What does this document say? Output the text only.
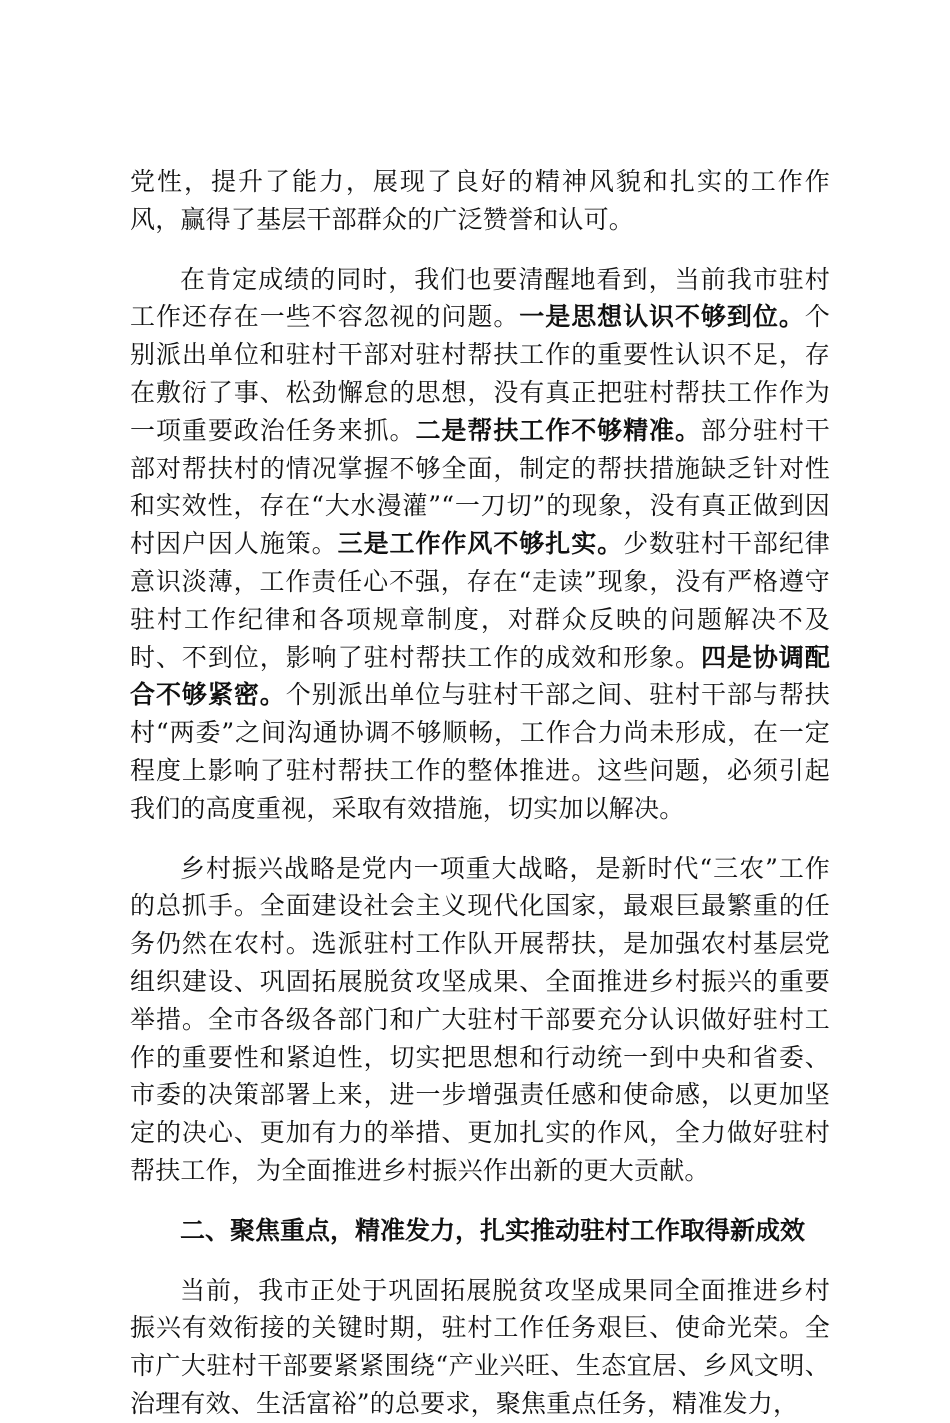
党性，提升了能力，展现了良好的精神风貌和扎实的工作作风，赢得了基层干部群众的广泛赞誉和认可。

在肯定成绩的同时，我们也要清醒地看到，当前我市驻村工作还存在一些不容忽视的问题。一是思想认识不够到位。个别派出单位和驻村干部对驻村帮扶工作的重要性认识不足，存在敷衍了事、松劲懈怠的思想，没有真正把驻村帮扶工作作为一项重要政治任务来抓。二是帮扶工作不够精准。部分驻村干部对帮扶村的情况掌握不够全面，制定的帮扶措施缺乏针对性和实效性，存在“大水漫灌”“一刀切”的现象，没有真正做到因村因户因人施策。三是工作作风不够扎实。少数驻村干部纪律意识淡薄，工作责任心不强，存在“走读”现象，没有严格遵守驻村工作纪律和各项规章制度，对群众反映的问题解决不及时、不到位，影响了驻村帮扶工作的成效和形象。四是协调配合不够紧密。个别派出单位与驻村干部之间、驻村干部与帮扶村“两委”之间沟通协调不够顺畅，工作合力尚未形成，在一定程度上影响了驻村帮扶工作的整体推进。这些问题，必须引起我们的高度重视，采取有效措施，切实加以解决。

乡村振兴战略是党内一项重大战略，是新时代“三农”工作的总抓手。全面建设社会主义现代化国家，最艰巨最繁重的任务仍然在农村。选派驻村工作队开展帮扶，是加强农村基层党组织建设、巩固拓展脱贫攻坚成果、全面推进乡村振兴的重要举措。全市各级各部门和广大驻村干部要充分认识做好驻村工作的重要性和紧迫性，切实把思想和行动统一到中央和省委、市委的决策部署上来，进一步增强责任感和使命感，以更加坚定的决心、更加有力的举措、更加扎实的作风，全力做好驻村帮扶工作，为全面推进乡村振兴作出新的更大贡献。

二、聚焦重点，精准发力，扎实推动驻村工作取得新成效

当前，我市正处于巩固拓展脱贫攻坚成果同全面推进乡村振兴有效衔接的关键时期，驻村工作任务艰巨、使命光荣。全市广大驻村干部要紧紧围绕“产业兴旺、生态宜居、乡风文明、治理有效、生活富裕”的总要求，聚焦重点任务，精准发力，
